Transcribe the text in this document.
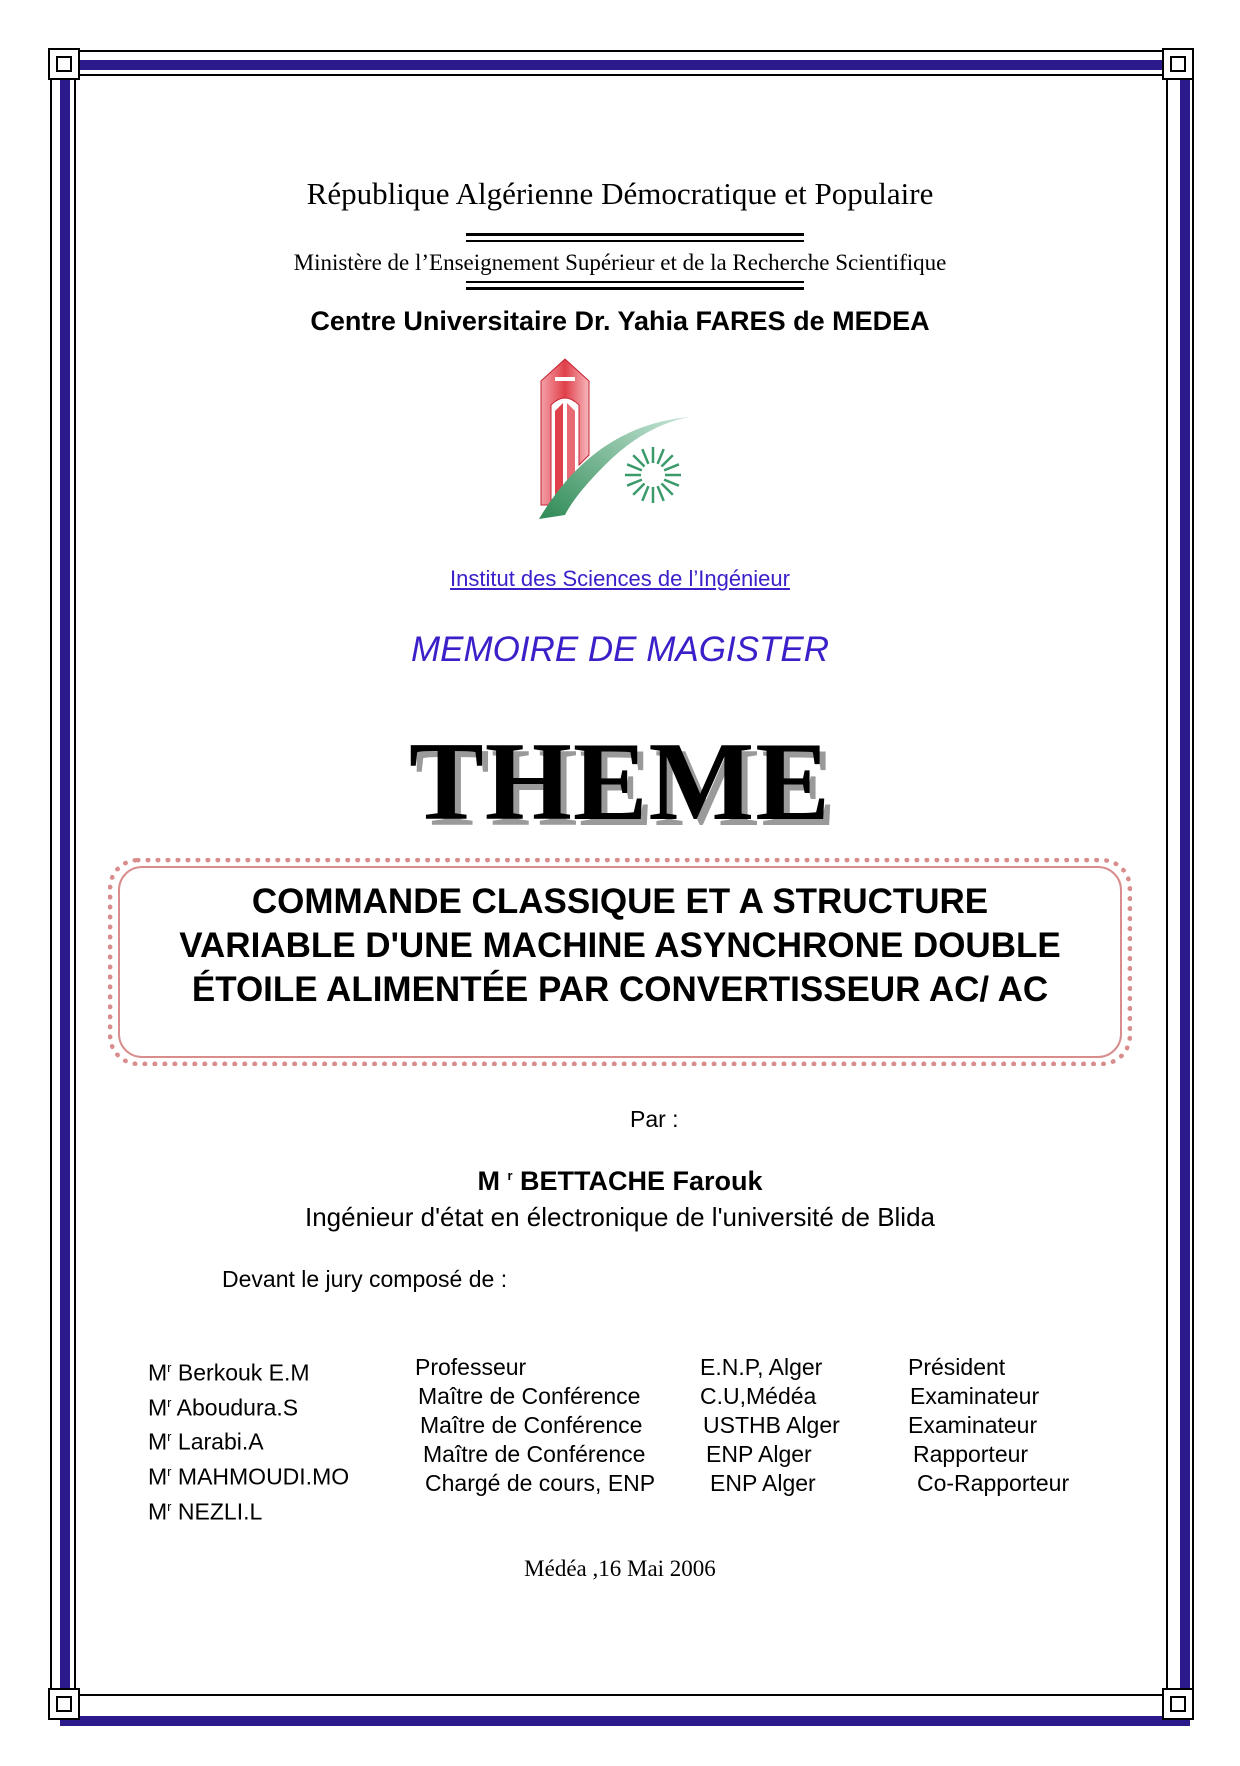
République Algérienne Démocratique et Populaire
Ministère de l’Enseignement Supérieur et de la Recherche Scientifique
Centre Universitaire Dr. Yahia FARES de MEDEA
Institut des Sciences de l’Ingénieur
MEMOIRE DE MAGISTER
THEME
COMMANDE CLASSIQUE ET A STRUCTURE
VARIABLE D'UNE MACHINE ASYNCHRONE DOUBLE
ÉTOILE ALIMENTÉE PAR CONVERTISSEUR AC/ AC
Par :
M $^r$ BETTACHE Farouk
Ingénieur d'état en électronique de l'université de Blida
Devant le jury composé de :
$M^r$ Berkouk E.M
$M^r$ Aboudura.S
$M^r$ Larabi.A
$M^r$ MAHMOUDI.MO
$M^r$ NEZLI.L
Professeur
Maître de Conférence
Maître de Conférence
Maître de Conférence
Chargé de cours, ENP
E.N.P, Alger
C.U,Médéa
USTHB Alger
ENP Alger
ENP Alger
Président
Examinateur
Examinateur
Rapporteur
Co-Rapporteur
Médéa ,16 Mai 2006
